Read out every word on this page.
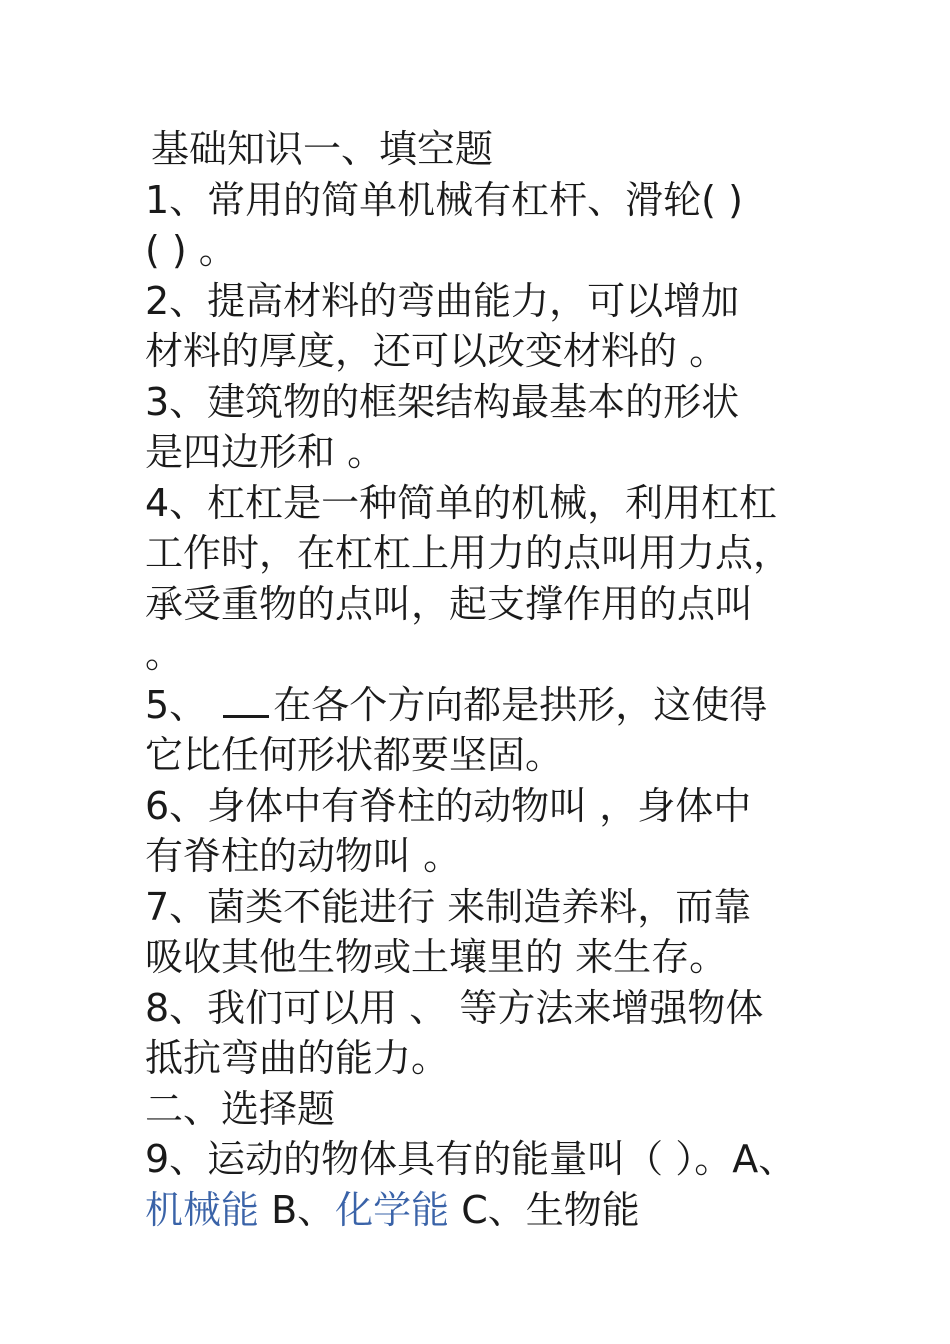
基础知识一、填空题
1、常用的简单机械有杠杆、滑轮( )
( ) 。
2、提高材料的弯曲能力，可以增加
材料的厚度，还可以改变材料的 。
3、建筑物的框架结构最基本的形状
是四边形和 。
4、杠杠是一种简单的机械，利用杠杠
工作时，在杠杠上用力的点叫用力点，
承受重物的点叫，起支撑作用的点叫
。
5、 在各个方向都是拱形，这使得
它比任何形状都要坚固。
6、身体中有脊柱的动物叫 ，身体中
有脊柱的动物叫 。
7、菌类不能进行 来制造养料，而靠
吸收其他生物或土壤里的 来生存。
8、我们可以用 、 等方法来增强物体
抵抗弯曲的能力。
二、选择题
9、运动的物体具有的能量叫（ ）。A、
机械能 B、化学能 C、生物能
